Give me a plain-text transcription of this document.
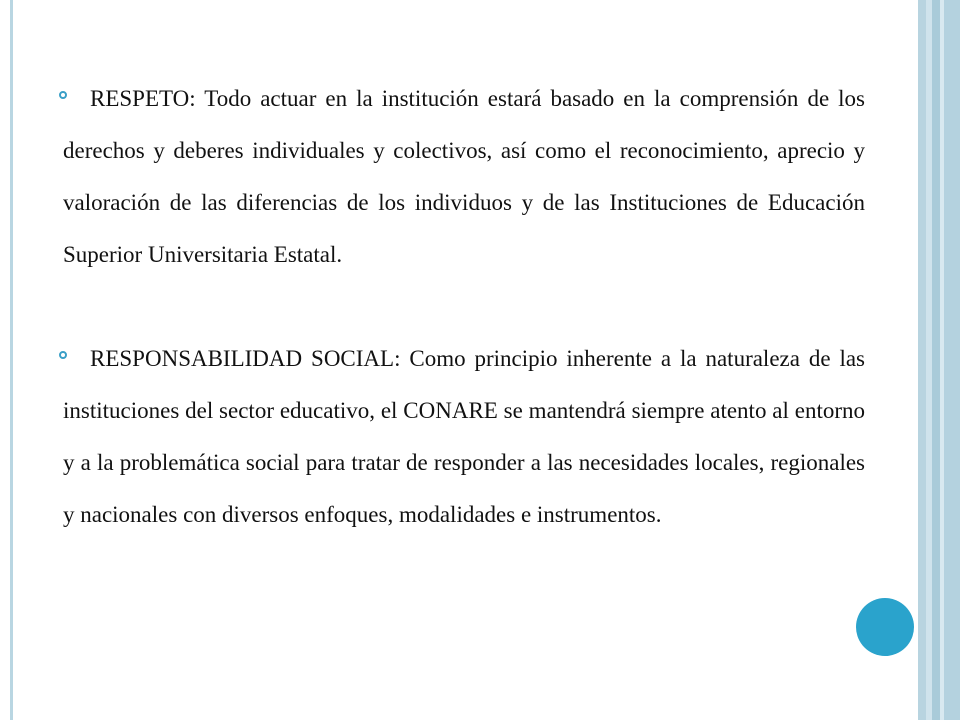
RESPETO: Todo actuar en la institución estará basado en la comprensión de los derechos y deberes individuales y colectivos, así como el reconocimiento, aprecio y valoración de las diferencias de los individuos y de las Instituciones de Educación Superior Universitaria Estatal.
RESPONSABILIDAD SOCIAL: Como principio inherente a la naturaleza de las instituciones del sector educativo, el CONARE se mantendrá siempre atento al entorno y a la problemática social para tratar de responder a las necesidades locales, regionales y nacionales con diversos enfoques, modalidades e instrumentos.
